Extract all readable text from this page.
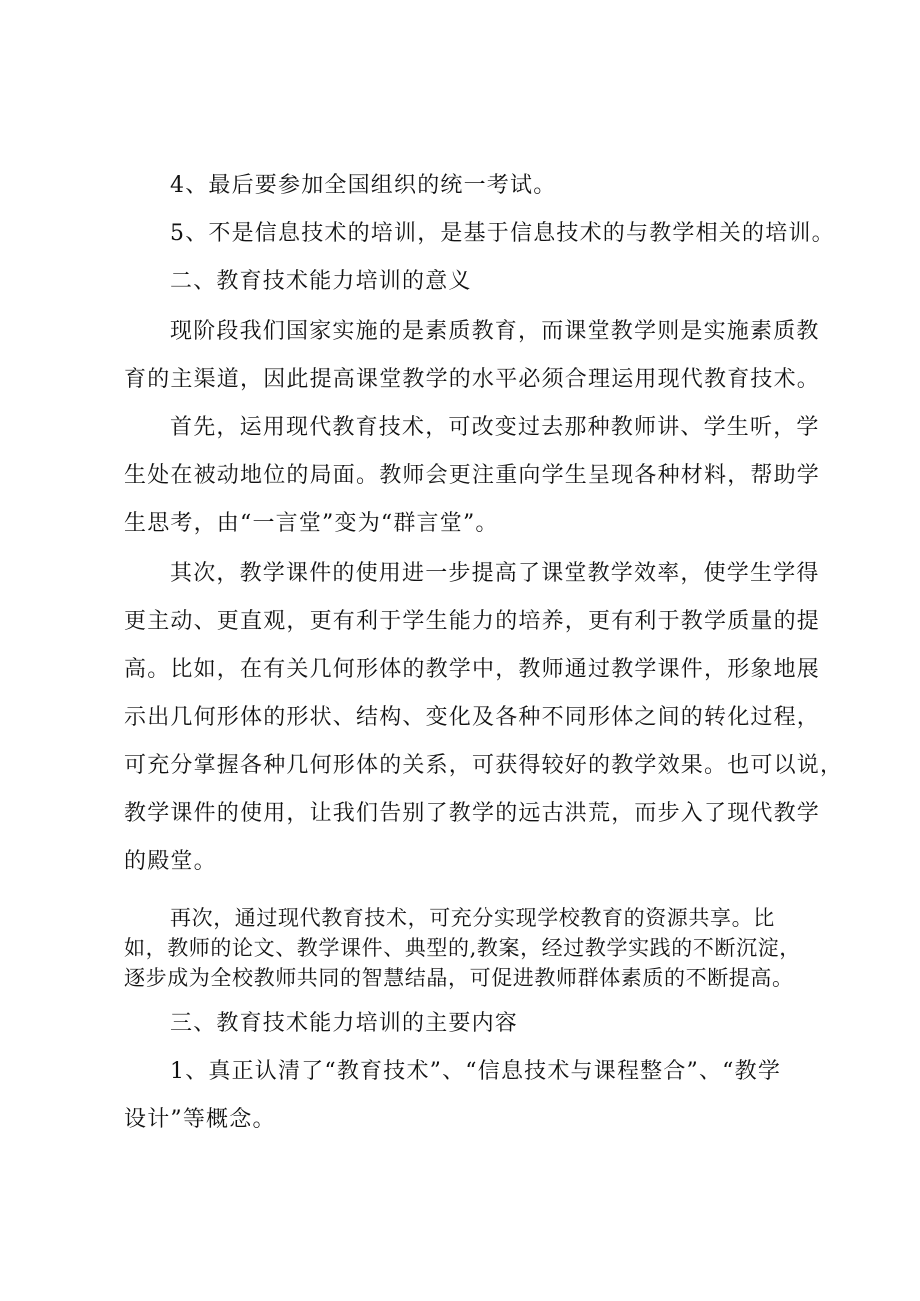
4、最后要参加全国组织的统一考试。
5、不是信息技术的培训，是基于信息技术的与教学相关的培训。
二、教育技术能力培训的意义
现阶段我们国家实施的是素质教育，而课堂教学则是实施素质教
育的主渠道，因此提高课堂教学的水平必须合理运用现代教育技术。
首先，运用现代教育技术，可改变过去那种教师讲、学生听，学
生处在被动地位的局面。教师会更注重向学生呈现各种材料，帮助学
生思考，由“一言堂”变为“群言堂”。
其次，教学课件的使用进一步提高了课堂教学效率，使学生学得
更主动、更直观，更有利于学生能力的培养，更有利于教学质量的提
高。比如，在有关几何形体的教学中，教师通过教学课件，形象地展
示出几何形体的形状、结构、变化及各种不同形体之间的转化过程，
可充分掌握各种几何形体的关系，可获得较好的教学效果。也可以说，
教学课件的使用，让我们告别了教学的远古洪荒，而步入了现代教学
的殿堂。
再次，通过现代教育技术，可充分实现学校教育的资源共享。比
如，教师的论文、教学课件、典型的,教案，经过教学实践的不断沉淀，
逐步成为全校教师共同的智慧结晶，可促进教师群体素质的不断提高。
三、教育技术能力培训的主要内容
1、真正认清了“教育技术”、“信息技术与课程整合”、“教学
设计”等概念。
